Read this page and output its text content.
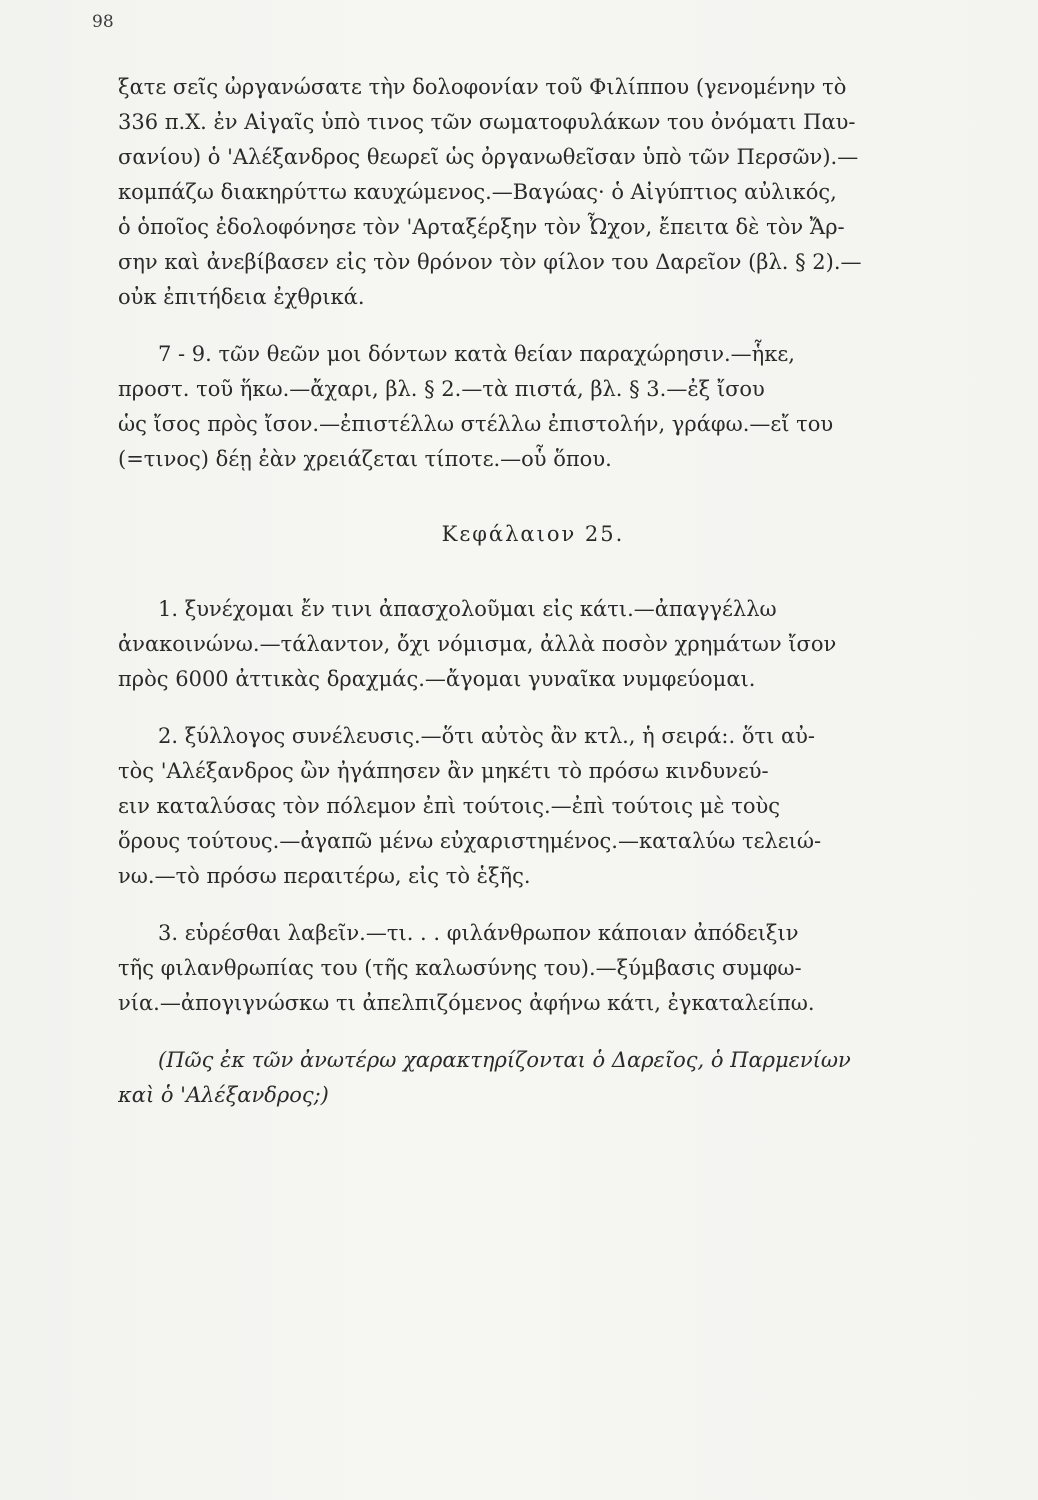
98
ξατε σεῖς ὠργανώσατε τὴν δολοφονίαν τοῦ Φιλίππου (γενομένην τὸ
336 π.Χ. ἐν Αἰγαῖς ὑπὸ τινος τῶν σωματοφυλάκων του ὀνόματι Παυ-
σανίου) ὁ 'Αλέξανδρος θεωρεῖ ὡς ὀργανωθεῖσαν ὑπὸ τῶν Περσῶν).—
κομπάζω διακηρύττω καυχώμενος.—Βαγώας· ὁ Αἰγύπτιος αὐλικός,
ὁ ὁποῖος ἐδολοφόνησε τὸν 'Αρταξέρξην τὸν Ὦχον, ἔπειτα δὲ τὸν Ἄρ-
σην καὶ ἀνεβίβασεν εἰς τὸν θρόνον τὸν φίλον του Δαρεῖον (βλ. § 2).—
οὐκ ἐπιτήδεια ἐχθρικά.
7 - 9. τῶν θεῶν μοι δόντων κατὰ θείαν παραχώρησιν.—ἧκε,
προστ. τοῦ ἥκω.—ἄχαρι, βλ. § 2.—τὰ πιστά, βλ. § 3.—ἐξ ἴσου
ὡς ἴσος πρὸς ἴσον.—ἐπιστέλλω στέλλω ἐπιστολήν, γράφω.—εἴ του
(=τινος) δέῃ ἐὰν χρειάζεται τίποτε.—οὗ ὅπου.
Κεφάλαιον 25.
1. ξυνέχομαι ἔν τινι ἀπασχολοῦμαι εἰς κάτι.—ἀπαγγέλλω
ἀνακοινώνω.—τάλαντον, ὄχι νόμισμα, ἀλλὰ ποσὸν χρημάτων ἴσον
πρὸς 6000 ἀττικὰς δραχμάς.—ἄγομαι γυναῖκα νυμφεύομαι.
2. ξύλλογος συνέλευσις.—ὅτι αὐτὸς ἂν κτλ., ἡ σειρά:. ὅτι αὐ-
τὸς 'Αλέξανδρος ὢν ἠγάπησεν ἂν μηκέτι τὸ πρόσω κινδυνεύ-
ειν καταλύσας τὸν πόλεμον ἐπὶ τούτοις.—ἐπὶ τούτοις μὲ τοὺς
ὅρους τούτους.—ἀγαπῶ μένω εὐχαριστημένος.—καταλύω τελειώ-
νω.—τὸ πρόσω περαιτέρω, εἰς τὸ ἑξῆς.
3. εὑρέσθαι λαβεῖν.—τι. . . φιλάνθρωπον κάποιαν ἀπόδειξιν
τῆς φιλανθρωπίας του (τῆς καλωσύνης του).—ξύμβασις συμφω-
νία.—ἀπογιγνώσκω τι ἀπελπιζόμενος ἀφήνω κάτι, ἐγκαταλείπω.
(Πῶς ἐκ τῶν ἀνωτέρω χαρακτηρίζονται ὁ Δαρεῖος, ὁ Παρμενίων
καὶ ὁ 'Αλέξανδρος;)
